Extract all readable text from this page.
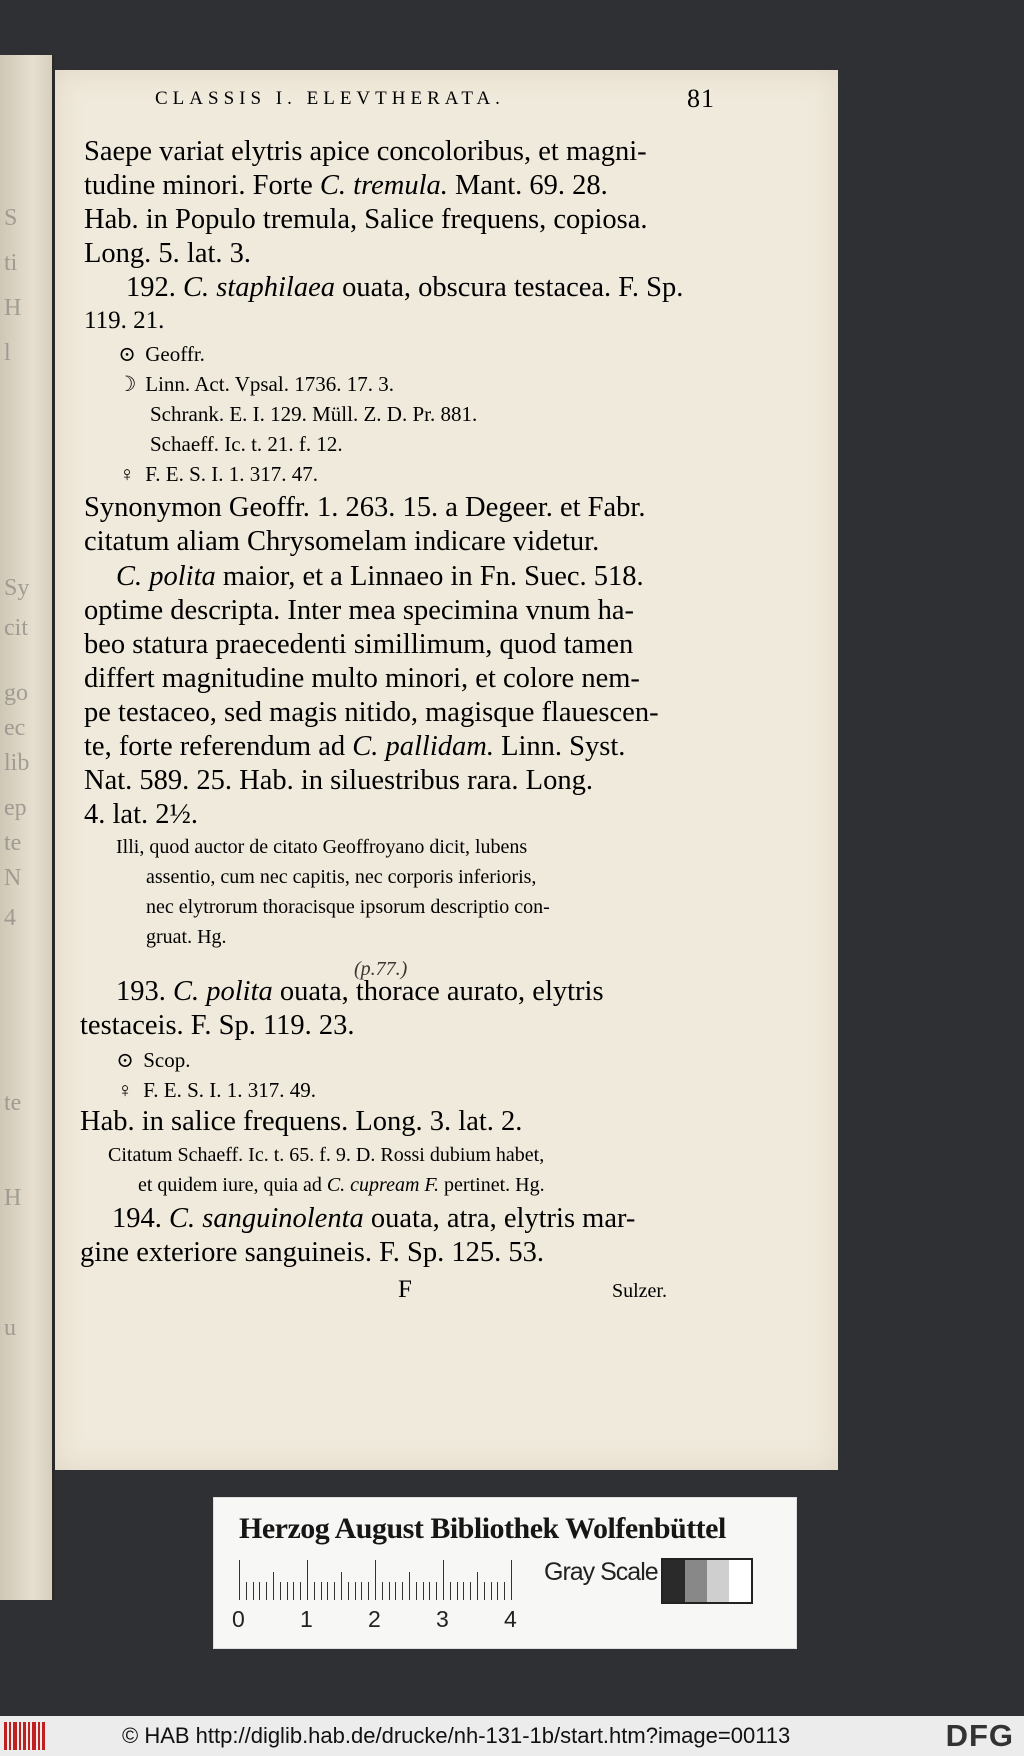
S
ti
H
l
Sy
cit
go
ec
lib
ep
te
N
4
te
H
u
CLASSIS I. ELEVTHERATA.	81
Saepe variat elytris apice concoloribus, et magni-
tudine minori. Forte C. tremula. Mant. 69. 28.
Hab. in Populo tremula, Salice frequens, copiosa.
Long. 5. lat. 3.
192. C. staphilaea ouata, obscura testacea. F. Sp.
119. 21.
⊙ Geoffr.
☽ Linn. Act. Vpsal. 1736. 17. 3.
Schrank. E. I. 129. Müll. Z. D. Pr. 881.
Schaeff. Ic. t. 21. f. 12.
♀ F. E. S. I. 1. 317. 47.
Synonymon Geoffr. 1. 263. 15. a Degeer. et Fabr.
citatum aliam Chrysomelam indicare videtur.
C. polita maior, et a Linnaeo in Fn. Suec. 518.
optime descripta. Inter mea specimina vnum ha-
beo statura praecedenti simillimum, quod tamen
differt magnitudine multo minori, et colore nem-
pe testaceo, sed magis nitido, magisque flauescen-
te, forte referendum ad C. pallidam. Linn. Syst.
Nat. 589. 25. Hab. in siluestribus rara. Long.
4. lat. 2½.
Illi, quod auctor de citato Geoffroyano dicit, lubens
assentio, cum nec capitis, nec corporis inferioris,
nec elytrorum thoracisque ipsorum descriptio con-
gruat. Hg.
(p.77.)
193. C. polita ouata, thorace aurato, elytris
testaceis. F. Sp. 119. 23.
⊙ Scop.
♀ F. E. S. I. 1. 317. 49.
Hab. in salice frequens. Long. 3. lat. 2.
Citatum Schaeff. Ic. t. 65. f. 9. D. Rossi dubium habet,
et quidem iure, quia ad C. cupream F. pertinet. Hg.
194. C. sanguinolenta ouata, atra, elytris mar-
gine exteriore sanguineis. F. Sp. 125. 53.
F	Sulzer.
Herzog August Bibliothek Wolfenbüttel
0 1 2 3 4
Gray Scale
© HAB http://diglib.hab.de/drucke/nh-131-1b/start.htm?image=00113	DFG
